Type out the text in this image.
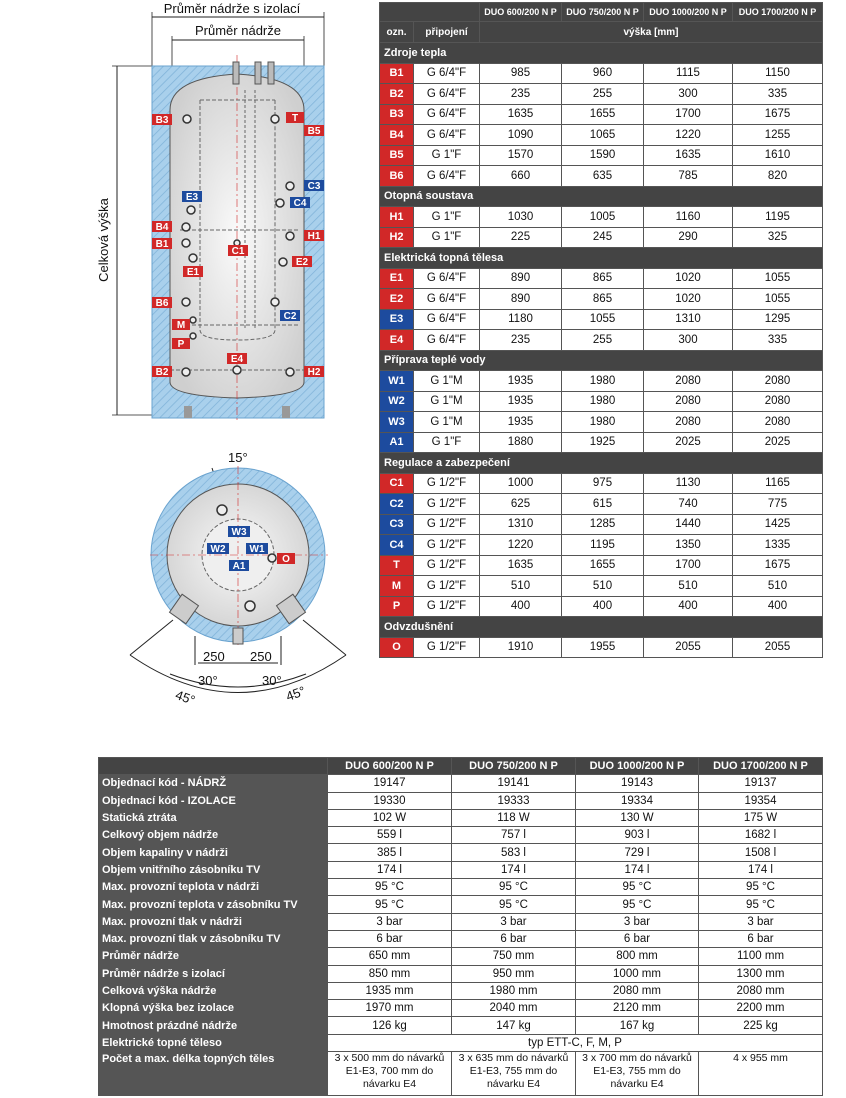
Průměr nádrže s izolací
Průměr nádrže
Celková výška
B3	T
B5
C3
C4
E3
B4
B1
H1
C1
E1
E2
B6
C2
M
P
E4
B2	H2
15°
W3
W2 W1
A1
O
250 250
30°	30°
45°	45°
		DUO 600/200 N P	DUO 750/200 N P	DUO 1000/200 N P	DUO 1700/200 N P
ozn.	připojení	výška [mm]			
Zdroje tepla					
B1	G 6/4"F	985	960	1115	1150
B2	G 6/4"F	235	255	300	335
B3	G 6/4"F	1635	1655	1700	1675
B4	G 6/4"F	1090	1065	1220	1255
B5	G 1"F	1570	1590	1635	1610
B6	G 6/4"F	660	635	785	820
Otopná soustava					
H1	G 1"F	1030	1005	1160	1195
H2	G 1"F	225	245	290	325
Elektrická topná tělesa					
E1	G 6/4"F	890	865	1020	1055
E2	G 6/4"F	890	865	1020	1055
E3	G 6/4"F	1180	1055	1310	1295
E4	G 6/4"F	235	255	300	335
Příprava teplé vody					
W1	G 1"M	1935	1980	2080	2080
W2	G 1"M	1935	1980	2080	2080
W3	G 1"M	1935	1980	2080	2080
A1	G 1"F	1880	1925	2025	2025
Regulace a zabezpečení					
C1	G 1/2"F	1000	975	1130	1165
C2	G 1/2"F	625	615	740	775
C3	G 1/2"F	1310	1285	1440	1425
C4	G 1/2"F	1220	1195	1350	1335
T	G 1/2"F	1635	1655	1700	1675
M	G 1/2"F	510	510	510	510
P	G 1/2"F	400	400	400	400
Odvzdušnění					
O	G 1/2"F	1910	1955	2055	2055
	DUO 600/200 N P	DUO 750/200 N P	DUO 1000/200 N P	DUO 1700/200 N P
Objednací kód - NÁDRŽ	19147	19141	19143	19137
Objednací kód - IZOLACE	19330	19333	19334	19354
Statická ztráta	102 W	118 W	130 W	175 W
Celkový objem nádrže	559 l	757 l	903 l	1682 l
Objem kapaliny v nádrži	385 l	583 l	729 l	1508 l
Objem vnitřního zásobníku TV	174 l	174 l	174 l	174 l
Max. provozní teplota v nádrži	95 °C	95 °C	95 °C	95 °C
Max. provozní teplota v zásobníku TV	95 °C	95 °C	95 °C	95 °C
Max. provozní tlak v nádrži	3 bar	3 bar	3 bar	3 bar
Max. provozní tlak v zásobníku TV	6 bar	6 bar	6 bar	6 bar
Průměr nádrže	650 mm	750 mm	800 mm	1100 mm
Průměr nádrže s izolací	850 mm	950 mm	1000 mm	1300 mm
Celková výška nádrže	1935 mm	1980 mm	2080 mm	2080 mm
Klopná výška bez izolace	1970 mm	2040 mm	2120 mm	2200 mm
Hmotnost prázdné nádrže	126 kg	147 kg	167 kg	225 kg
Elektrické topné těleso	typ ETT-C, F, M, P			
Počet a max. délka topných těles	3 x 500 mm do návarků E1-E3, 700 mm do návarku E4	3 x 635 mm do návarků E1-E3, 755 mm do návarku E4	3 x 700 mm do návarků E1-E3, 755 mm do návarku E4	4 x 955 mm
